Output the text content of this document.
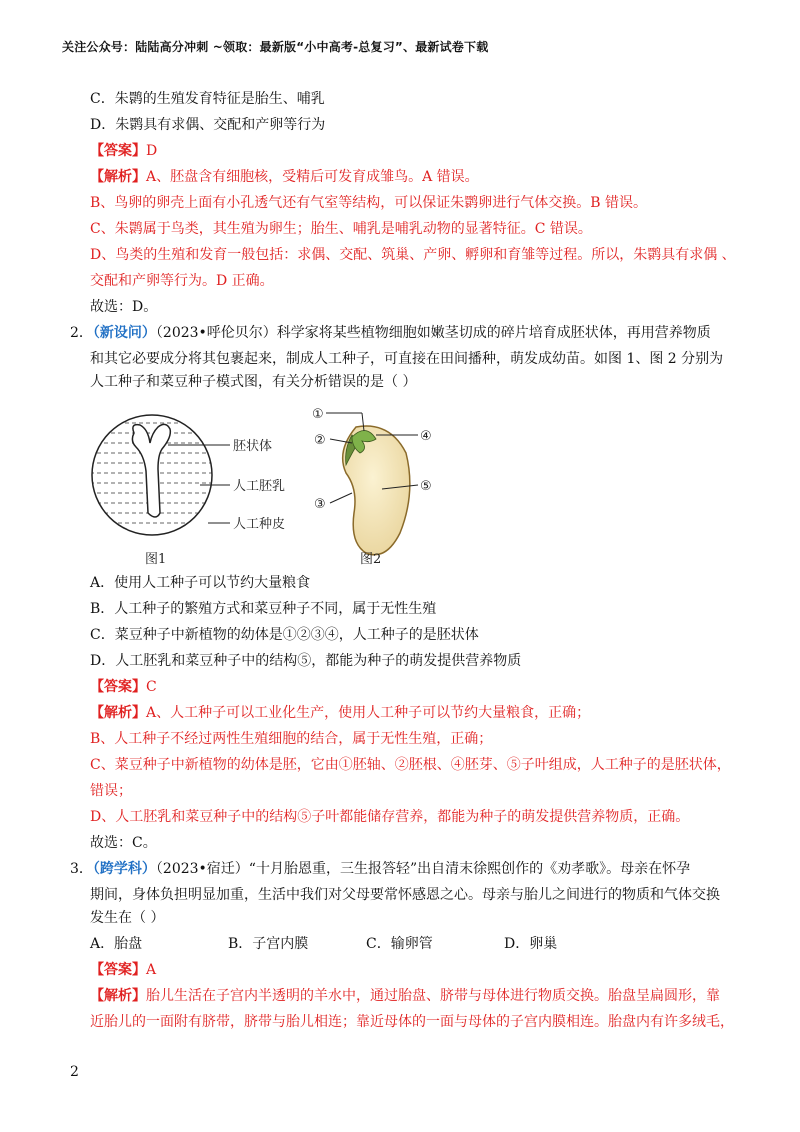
关注公众号：陆陆高分冲刺 ~领取：最新版“小中高考-总复习”、最新试卷下载
C．朱鹮的生殖发育特征是胎生、哺乳
D．朱鹮具有求偶、交配和产卵等行为
【答案】D
【解析】A、胚盘含有细胞核，受精后可发育成雏鸟。A 错误。
B、鸟卵的卵壳上面有小孔透气还有气室等结构，可以保证朱鹮卵进行气体交换。B 错误。
C、朱鹮属于鸟类，其生殖为卵生；胎生、哺乳是哺乳动物的显著特征。C 错误。
D、鸟类的生殖和发育一般包括：求偶、交配、筑巢、产卵、孵卵和育雏等过程。所以，朱鹮具有求偶 、
交配和产卵等行为。D 正确。
故选：D。
2．（新设问）（2023•呼伦贝尔）科学家将某些植物细胞如嫩茎切成的碎片培育成胚状体，再用营养物质
和其它必要成分将其包裹起来，制成人工种子，可直接在田间播种，萌发成幼苗。如图 1、图 2 分别为
人工种子和菜豆种子模式图，有关分析错误的是（ ）
胚状体
人工胚乳
人工种皮
图1
①
②
③
④
⑤
图2
A．使用人工种子可以节约大量粮食
B．人工种子的繁殖方式和菜豆种子不同，属于无性生殖
C．菜豆种子中新植物的幼体是①②③④，人工种子的是胚状体
D．人工胚乳和菜豆种子中的结构⑤，都能为种子的萌发提供营养物质
【答案】C
【解析】A、人工种子可以工业化生产，使用人工种子可以节约大量粮食，正确；
B、人工种子不经过两性生殖细胞的结合，属于无性生殖，正确；
C、菜豆种子中新植物的幼体是胚，它由①胚轴、②胚根、④胚芽、⑤子叶组成，人工种子的是胚状体，
错误；
D、人工胚乳和菜豆种子中的结构⑤子叶都能储存营养，都能为种子的萌发提供营养物质，正确。
故选：C。
3．（跨学科）（2023•宿迁）“十月胎恩重，三生报答轻”出自清末徐熙创作的《劝孝歌》。母亲在怀孕
期间，身体负担明显加重，生活中我们对父母要常怀感恩之心。母亲与胎儿之间进行的物质和气体交换
发生在（ ）
A．胎盘	B．子宫内膜	C．输卵管	D．卵巢
【答案】A
【解析】胎儿生活在子宫内半透明的羊水中，通过胎盘、脐带与母体进行物质交换。胎盘呈扁圆形，靠
近胎儿的一面附有脐带，脐带与胎儿相连；靠近母体的一面与母体的子宫内膜相连。胎盘内有许多绒毛，
2
